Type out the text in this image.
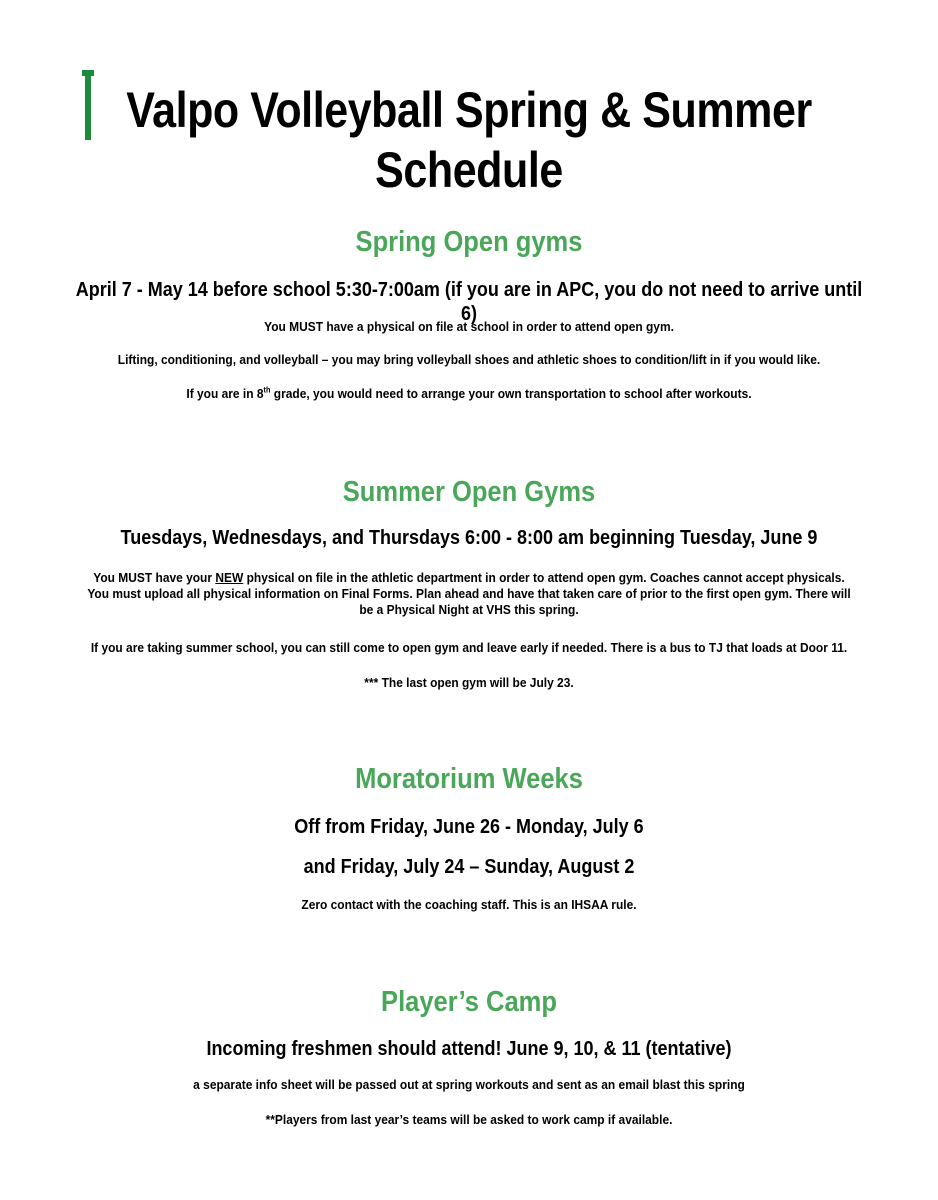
Valpo Volleyball Spring & Summer
Schedule
Spring Open gyms
April 7 - May 14 before school 5:30-7:00am (if you are in APC, you do not need to arrive until 6)
You MUST have a physical on file at school in order to attend open gym.
Lifting, conditioning, and volleyball – you may bring volleyball shoes and athletic shoes to condition/lift in if you would like.
If you are in 8th grade, you would need to arrange your own transportation to school after workouts.
Summer Open Gyms
Tuesdays, Wednesdays, and Thursdays 6:00 - 8:00 am beginning Tuesday, June 9
You MUST have your NEW physical on file in the athletic department in order to attend open gym. Coaches cannot accept physicals.
You must upload all physical information on Final Forms. Plan ahead and have that taken care of prior to the first open gym. There will
be a Physical Night at VHS this spring.
If you are taking summer school, you can still come to open gym and leave early if needed. There is a bus to TJ that loads at Door 11.
*** The last open gym will be July 23.
Moratorium Weeks
Off from Friday, June 26 - Monday, July 6
and Friday, July 24 – Sunday, August 2
Zero contact with the coaching staff. This is an IHSAA rule.
Player’s Camp
Incoming freshmen should attend! June 9, 10, & 11 (tentative)
a separate info sheet will be passed out at spring workouts and sent as an email blast this spring
**Players from last year’s teams will be asked to work camp if available.
